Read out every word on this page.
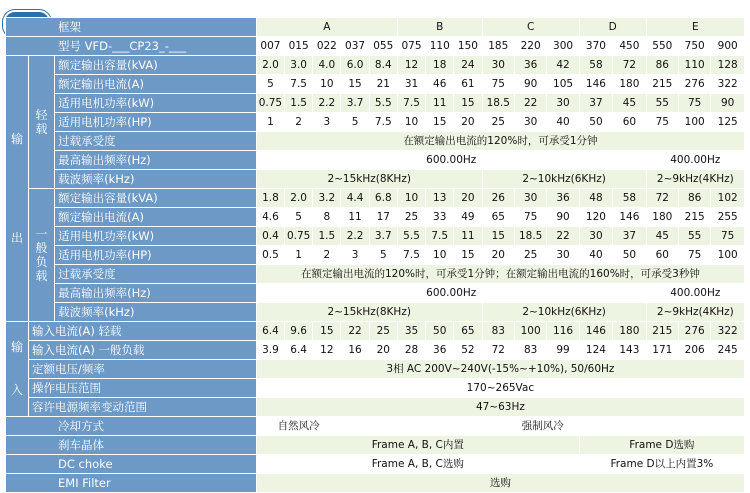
框架			A					B			C			D		E		
型号 VFD-___CP23_-___			007	015	022	037	055	075	110	150	185	220	300	370	450	550	750	900
输

出	轻载	额定输出容量(kVA)	2.0	3.0	4.0	6.0	8.4	12	18	24	30	36	42	58	72	86	110	128
		额定输出电流(A)	5	7.5	10	15	21	31	46	61	75	90	105	146	180	215	276	322
		适用电机功率(kW)	0.75	1.5	2.2	3.7	5.5	7.5	11	15	18.5	22	30	37	45	55	75	90
		适用电机功率(HP)	1	2	3	5	7.5	10	15	20	25	30	40	50	60	75	100	125
		过载承受度	在额定输出电流的120%时，可承受1分钟															
		最高输出频率(Hz)	600.00Hz													400.00Hz		
		载波频率(kHz)	2~15kHz(8KHz)								2~10kHz(6KHz)					2~9kHz(4KHz)		
	一般负载	额定输出容量(kVA)	1.8	2.0	3.2	4.4	6.8	10	13	20	26	30	36	48	58	72	86	102
		额定输出电流(A)	4.6	5	8	11	17	25	33	49	65	75	90	120	146	180	215	255
		适用电机功率(kW)	0.4	0.75	1.5	2.2	3.7	5.5	7.5	11	15	18.5	22	30	37	45	55	75
		适用电机功率(HP)	0.5	1	2	3	5	7.5	10	15	20	25	30	40	50	60	75	100
		过载承受度	在额定输出电流的120%时，可承受1分钟；在额定输出电流的160%时，可承受3秒钟															
		最高输出频率(Hz)	600.00Hz													400.00Hz		
		载波频率(kHz)	2~15kHz(8KHz)								2~10kHz(6KHz)					2~9kHz(4KHz)		
输

入	输入电流(A) 轻载		6.4	9.6	15	22	25	35	50	65	83	100	116	146	180	215	276	322
	输入电流(A) 一般负载		3.9	6.4	12	16	20	28	36	52	72	83	99	124	143	171	206	245
	定额电压/频率		3相 AC 200V~240V(-15%~+10%), 50/60Hz															
	操作电压范围		170~265Vac															
	容许电源频率变动范围		47~63Hz															
冷却方式			自然风冷			强制风冷												
刹车晶体			Frame A, B, C内置											Frame D选购				
DC choke			Frame A, B, C选购											Frame D以上内置3%				
EMI Filter			选购															
